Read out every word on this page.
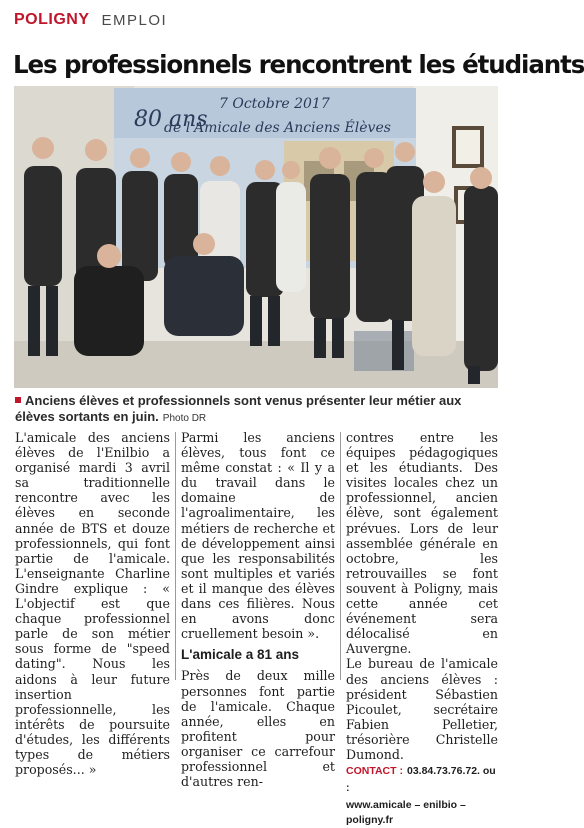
POLIGNY EMPLOI
Les professionnels rencontrent les étudiants
80 ans
7 Octobre 2017
de l'Amicale des Anciens Élèves
Anciens élèves et professionnels sont venus présenter leur métier aux élèves sortants en juin. Photo DR

L'amicale des anciens élèves de l'Enilbio a organisé mardi 3 avril sa traditionnelle rencontre avec les élèves en seconde année de BTS et douze professionnels, qui font partie de l'amicale. L'enseignante Charline Gindre explique : « L'objectif est que chaque professionnel parle de son métier sous forme de "speed dating". Nous les aidons à leur future insertion professionnelle, les intérêts de poursuite d'études, les différents types de métiers proposés... »

Parmi les anciens élèves, tous font ce même constat : « Il y a du travail dans le domaine de l'agroalimentaire, les métiers de recherche et de développement ainsi que les responsabilités sont multiples et variés et il manque des élèves dans ces filières. Nous en avons donc cruellement besoin ».

L'amicale a 81 ans

Près de deux mille personnes font partie de l'amicale. Chaque année, elles en profitent pour organiser ce carrefour professionnel et d'autres ren-

contres entre les équipes pédagogiques et les étudiants. Des visites locales chez un professionnel, ancien élève, sont également prévues. Lors de leur assemblée générale en octobre, les retrouvailles se font souvent à Poligny, mais cette année cet événement sera délocalisé en Auvergne.

Le bureau de l'amicale des anciens élèves : président Sébastien Picoulet, secrétaire Fabien Pelletier, trésorière Christelle Dumond.

CONTACT : 03.84.73.76.72. ou :
www.amicale – enilbio – poligny.fr
